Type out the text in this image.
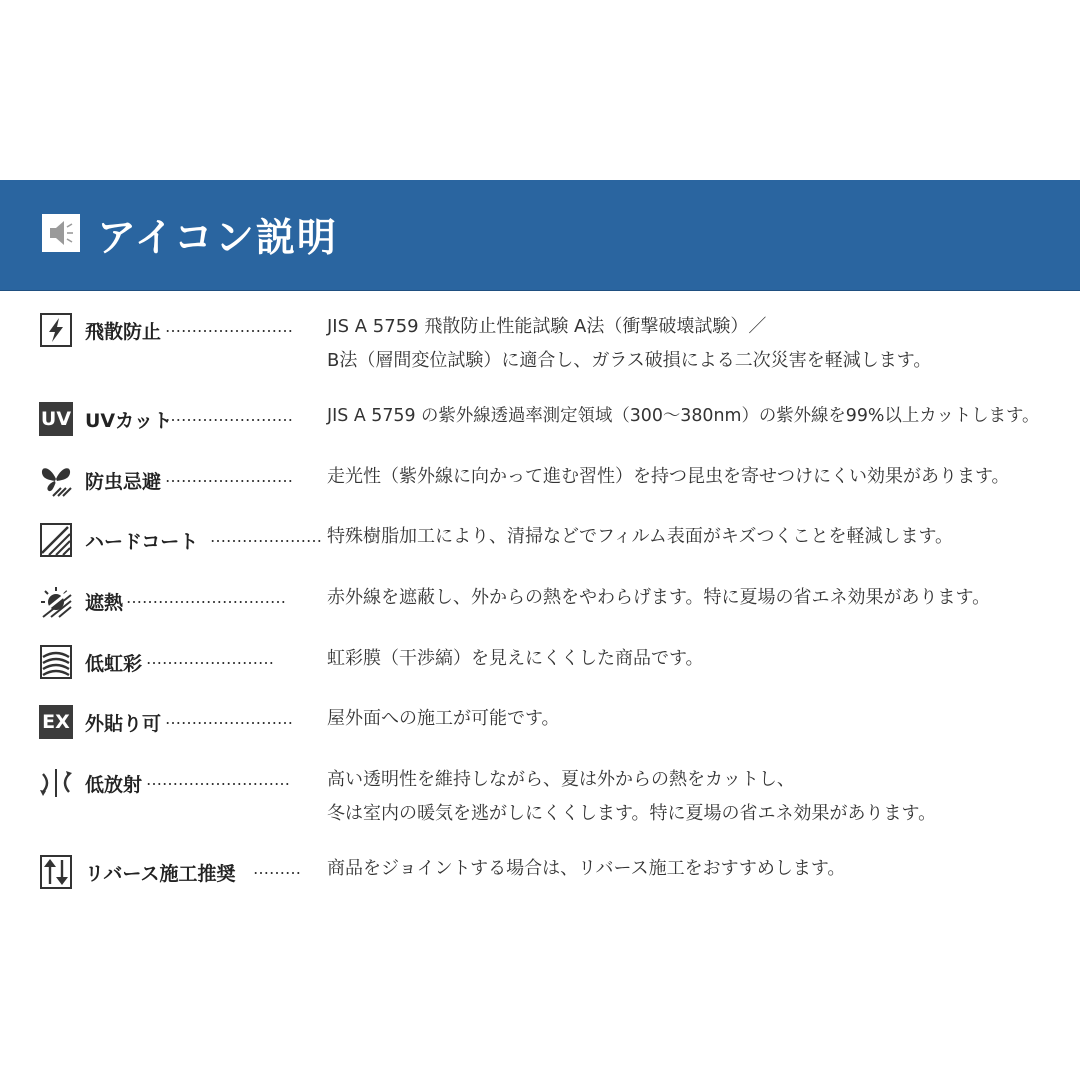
アイコン説明
飛散防止 …………………… JIS A 5759 飛散防止性能試験 A法（衝撃破壊試験）／
B法（層間変位試験）に適合し、ガラス破損による二次災害を軽減します。
UV UVカット
…………………… JIS A 5759 の紫外線透過率測定領域（300〜380nm）の紫外線を99%以上カットします。
防虫忌避 …………………… 走光性（紫外線に向かって進む習性）を持つ昆虫を寄せつけにくい効果があります。
ハードコート ………………… 特殊樹脂加工により、清掃などでフィルム表面がキズつくことを軽減します。
遮熱 ………………………… 赤外線を遮蔽し、外からの熱をやわらげます。特に夏場の省エネ効果があります。
低虹彩 ……………………	虹彩膜（干渉縞）を見えにくくした商品です。
EX 外貼り可 …………………… 屋外面への施工が可能です。
低放射 ……………………… 高い透明性を維持しながら、夏は外からの熱をカットし、
冬は室内の暖気を逃がしにくくします。特に夏場の省エネ効果があります。
リバース施工推奨 ……… 商品をジョイントする場合は、リバース施工をおすすめします。
